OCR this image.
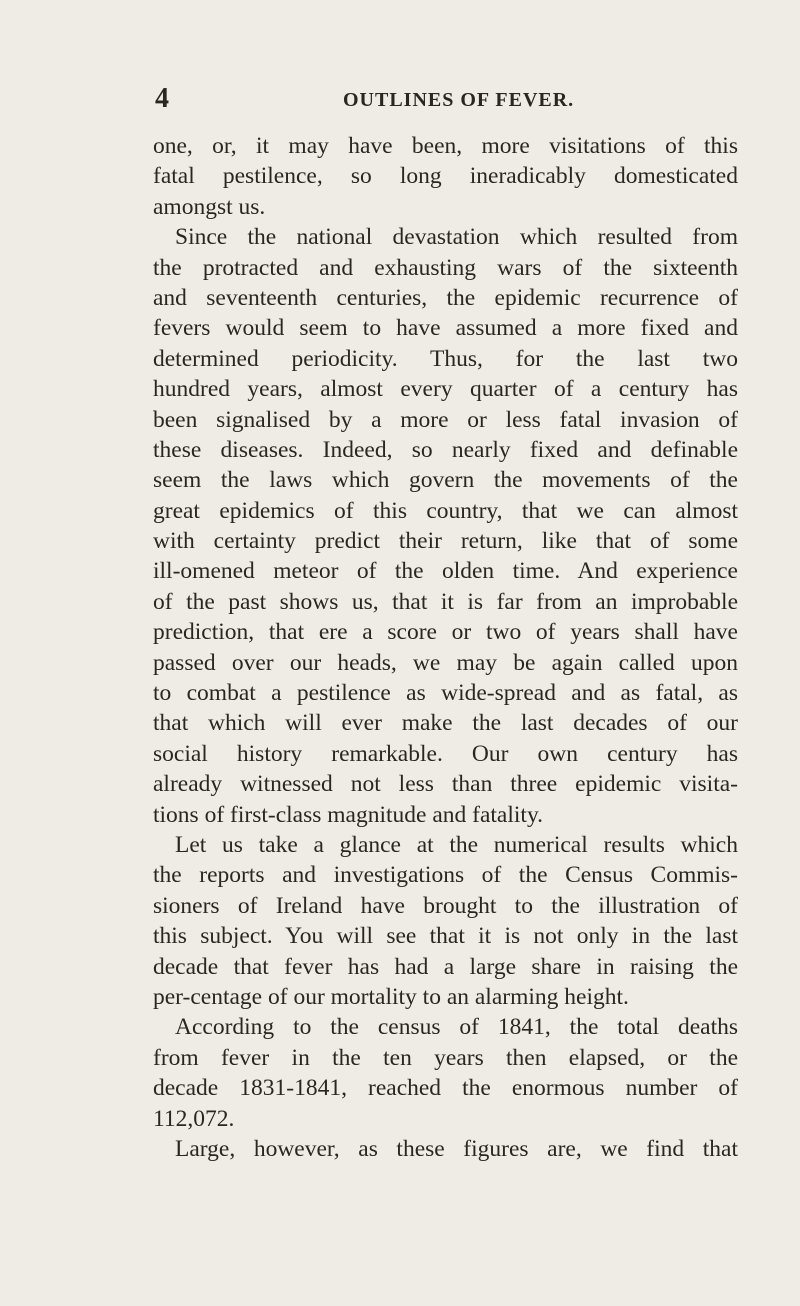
4	OUTLINES OF FEVER.
one, or, it may have been, more visitations of this
fatal pestilence, so long ineradicably domesticated
amongst us.
Since the national devastation which resulted from
the protracted and exhausting wars of the sixteenth
and seventeenth centuries, the epidemic recurrence of
fevers would seem to have assumed a more fixed and
determined periodicity. Thus, for the last two
hundred years, almost every quarter of a century has
been signalised by a more or less fatal invasion of
these diseases. Indeed, so nearly fixed and definable
seem the laws which govern the movements of the
great epidemics of this country, that we can almost
with certainty predict their return, like that of some
ill-omened meteor of the olden time. And experience
of the past shows us, that it is far from an improbable
prediction, that ere a score or two of years shall have
passed over our heads, we may be again called upon
to combat a pestilence as wide-spread and as fatal, as
that which will ever make the last decades of our
social history remarkable. Our own century has
already witnessed not less than three epidemic visita-
tions of first-class magnitude and fatality.
Let us take a glance at the numerical results which
the reports and investigations of the Census Commis-
sioners of Ireland have brought to the illustration of
this subject. You will see that it is not only in the last
decade that fever has had a large share in raising the
per-centage of our mortality to an alarming height.
According to the census of 1841, the total deaths
from fever in the ten years then elapsed, or the
decade 1831-1841, reached the enormous number of
112,072.
Large, however, as these figures are, we find that
